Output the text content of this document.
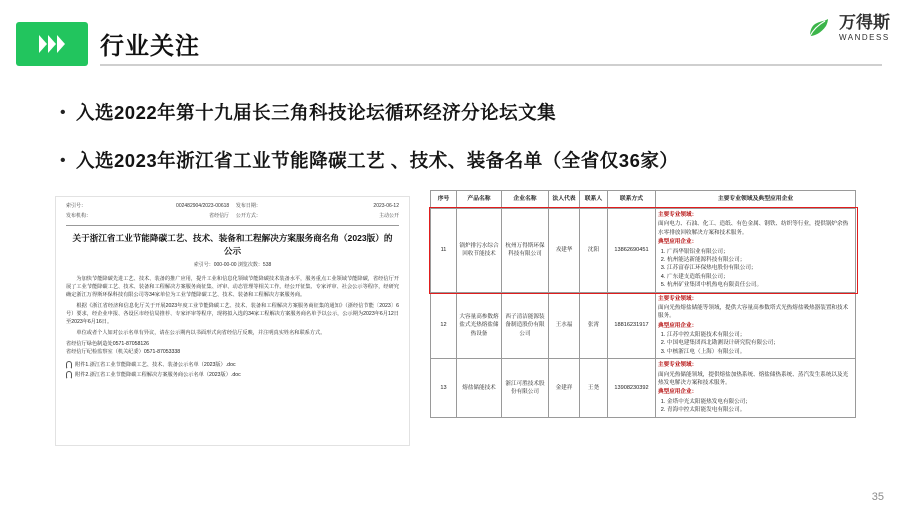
行业关注
万得斯
WANDESS
• 入选2022年第十九届长三角科技论坛循环经济分论坛文集
• 入选2023年浙江省工业节能降碳工艺 、技术、装备名单（全省仅36家）
索引号：	002482904/2023-00618
发布机构：	省经信厅
发布日期：	2023-06-12
公开方式：	主动公开
关于浙江省工业节能降碳工艺、技术、装备和工程解决方案服务商名角（2023版）的公示
索引号：000-00-00 浏览次数：538

为加快节能降碳先进工艺、技术、装备的推广应用，提升工业和信息化领域节能降碳技术装备水平，服务重点工业领域节能降碳，省经信厅开展了工业节能降碳工艺、技术、装备和工程解决方案服务商征集、评审、动态管理等相关工作。经公开征集、专家评审、社会公示等程序，经研究确定浙江万得斯环保科技有限公司等34家单位为工业节能降碳工艺、技术、装备和工程解决方案服务商。

根据《浙江省经济和信息化厅关于开展2023年度工业节能降碳工艺、技术、装备和工程解决方案服务商征集的通知》（浙经信节能〔2023〕6号）要求，经企业申报、各设区市经信局推荐、专家评审等程序，现将拟入选的34家工程解决方案服务商名单予以公示，公示期为2023年6月12日至2023年6月16日。

单位或者个人如对公示名单有异议，请在公示期内以书面形式向省经信厅反映，并注明真实姓名和联系方式。

省经信厅绿色制造处0571-87058126

省经信厅纪检监察室（机关纪委）0571-87053338

附件1.浙江省工业节能降碳工艺、技术、装备公示名单（2023版）.doc

附件2.浙江省工业节能降碳工程解决方案服务商公示名单（2023版）.doc

序号	产品名称	企业名称	法人代表	联系人	联系方式	主要专业领域及典型应用企业
11	锅炉排污水综合回收节能技术	杭州万得斯环保科技有限公司	戎建华	沈阳	13862690451	
主要专业领域：
面向电力、石油、化工、造纸、有色金属、钢铁、纺织等行业，提供锅炉余热水零排放回收解决方案和技术服务。
典型应用企业：
1. 广西华银铝业有限公司；
2. 杭州能达新能源科技有限公司；
3. 江苏富春江环保热电股份有限公司；
4. 广东建支造纸有限公司；
5. 杭州矿业集团中机热电有限责任公司。

12	大容量高参数熔盐式光热熔盐储热设备	西子清洁能源装备制造股份有限公司	王水福	张霄	18816231917	
主要专业领域：
面向光热熔盐储能等领域，提供大容量高参数塔式光热熔盐吸热器装置和技术服务。
典型应用企业：
1. 江苏中控太阳能技术有限公司；
2. 中国电建集团西北勘测设计研究院有限公司；
3. 中核浙江电（上海）有限公司。

13	熔盐储能技术	浙江可胜技术股份有限公司	金建祥	王尧	13908230392	
主要专业领域：
面向光热储能领域，提供熔盐加热系统、熔盐储热系统、蒸汽发生系统以及光热发电解决方案和技术服务。
典型应用企业：
1. 金塔中光太阳能热发电有限公司；
2. 青海中控太阳能发电有限公司。
35
